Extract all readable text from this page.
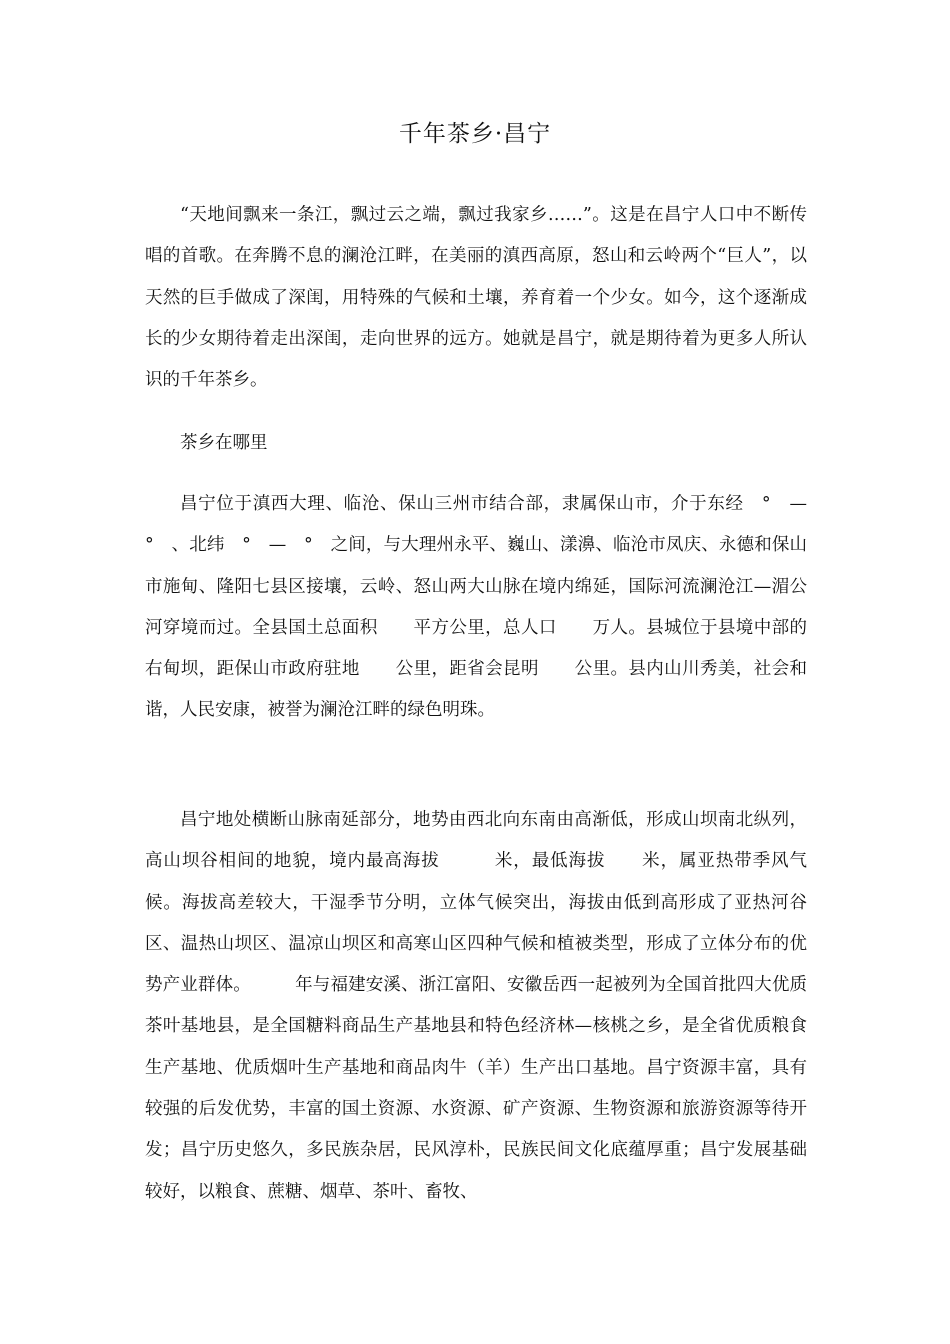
千年茶乡·昌宁

“天地间飘来一条江，飘过云之端，飘过我家乡……”。这是在昌宁人口中不断传唱的首歌。在奔腾不息的澜沧江畔，在美丽的滇西高原，怒山和云岭两个“巨人”，以天然的巨手做成了深闺，用特殊的气候和土壤，养育着一个少女。如今，这个逐渐成长的少女期待着走出深闺，走向世界的远方。她就是昌宁，就是期待着为更多人所认识的千年茶乡。

茶乡在哪里

昌宁位于滇西大理、临沧、保山三州市结合部，隶属保山市，介于东经　°　—　°　、北纬　°　—　°　之间，与大理州永平、巍山、漾濞、临沧市凤庆、永德和保山市施甸、隆阳七县区接壤，云岭、怒山两大山脉在境内绵延，国际河流澜沧江—湄公河穿境而过。全县国土总面积　　平方公里，总人口　　万人。县城位于县境中部的右甸坝，距保山市政府驻地　　公里，距省会昆明　　公里。县内山川秀美，社会和谐，人民安康，被誉为澜沧江畔的绿色明珠。

昌宁地处横断山脉南延部分，地势由西北向东南由高渐低，形成山坝南北纵列，高山坝谷相间的地貌，境内最高海拔　　　米，最低海拔　　米，属亚热带季风气候。海拔高差较大，干湿季节分明，立体气候突出，海拔由低到高形成了亚热河谷区、温热山坝区、温凉山坝区和高寒山区四种气候和植被类型，形成了立体分布的优势产业群体。　　　年与福建安溪、浙江富阳、安徽岳西一起被列为全国首批四大优质茶叶基地县，是全国糖料商品生产基地县和特色经济林—核桃之乡，是全省优质粮食生产基地、优质烟叶生产基地和商品肉牛（羊）生产出口基地。昌宁资源丰富，具有较强的后发优势，丰富的国土资源、水资源、矿产资源、生物资源和旅游资源等待开发；昌宁历史悠久，多民族杂居，民风淳朴，民族民间文化底蕴厚重；昌宁发展基础较好，以粮食、蔗糖、烟草、茶叶、畜牧、
